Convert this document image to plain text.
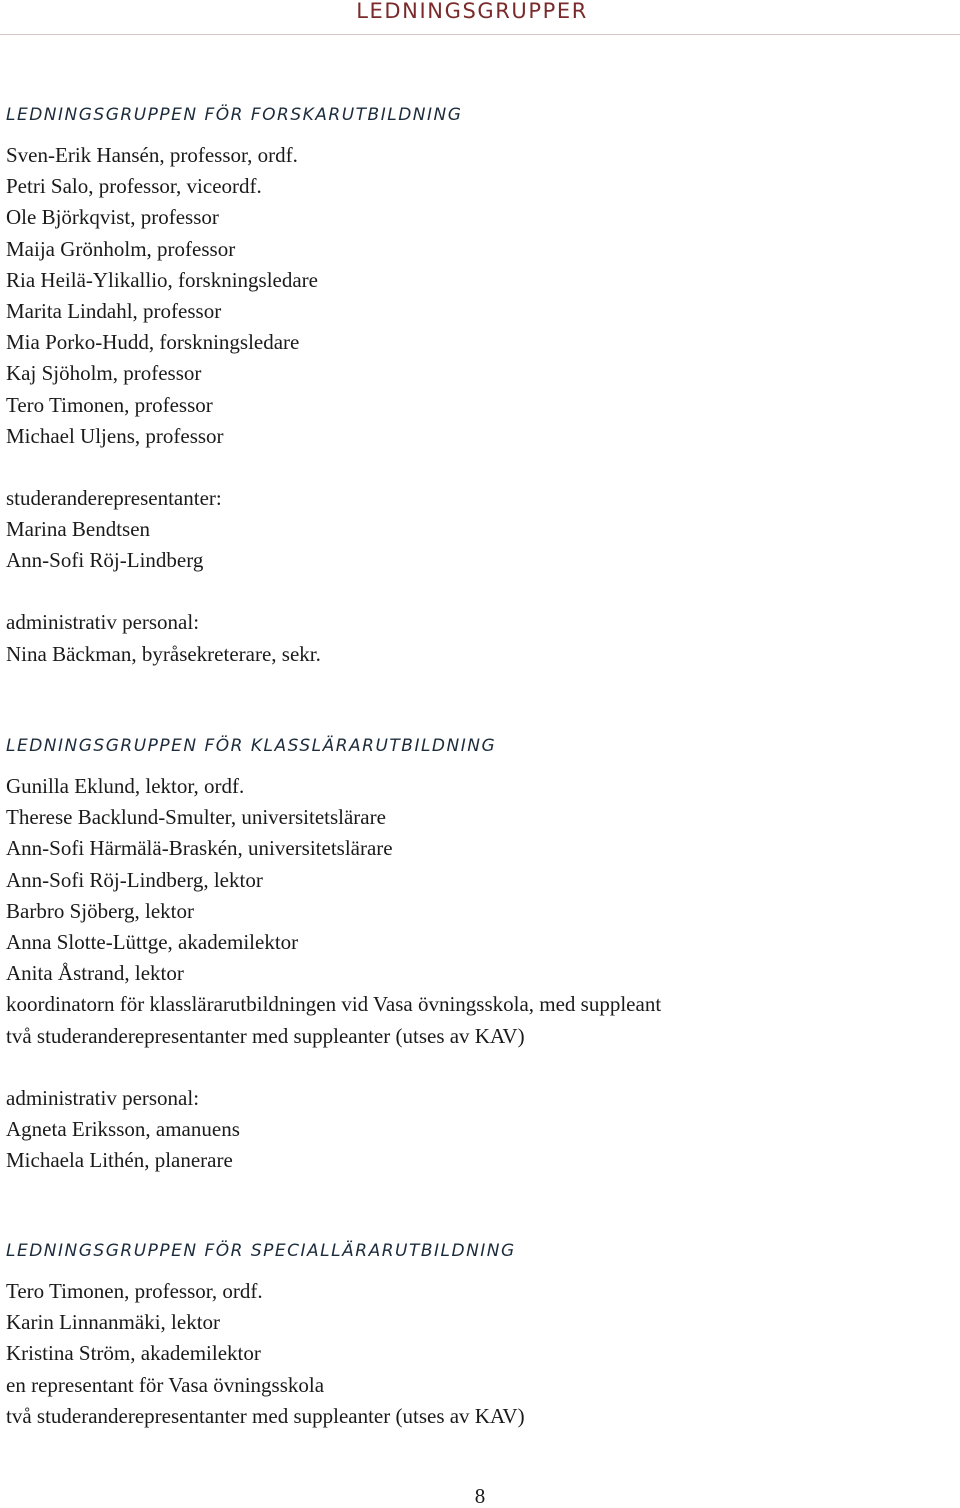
LEDNINGSGRUPPER
LEDNINGSGRUPPEN FÖR FORSKARUTBILDNING
Sven-Erik Hansén, professor, ordf.
Petri Salo, professor, viceordf.
Ole Björkqvist, professor
Maija Grönholm, professor
Ria Heilä-Ylikallio, forskningsledare
Marita Lindahl, professor
Mia Porko-Hudd, forskningsledare
Kaj Sjöholm, professor
Tero Timonen, professor
Michael Uljens, professor
studeranderepresentanter:
Marina Bendtsen
Ann-Sofi Röj-Lindberg
administrativ personal:
Nina Bäckman, byråsekreterare, sekr.
LEDNINGSGRUPPEN FÖR KLASSLÄRARUTBILDNING
Gunilla Eklund, lektor, ordf.
Therese Backlund-Smulter, universitetslärare
Ann-Sofi Härmälä-Braskén, universitetslärare
Ann-Sofi Röj-Lindberg, lektor
Barbro Sjöberg, lektor
Anna Slotte-Lüttge, akademilektor
Anita Åstrand, lektor
koordinatorn för klasslärarutbildningen vid Vasa övningsskola, med suppleant
två studeranderepresentanter med suppleanter (utses av KAV)
administrativ personal:
Agneta Eriksson, amanuens
Michaela Lithén, planerare
LEDNINGSGRUPPEN FÖR SPECIALLÄRARUTBILDNING
Tero Timonen, professor, ordf.
Karin Linnanmäki, lektor
Kristina Ström, akademilektor
en representant för Vasa övningsskola
två studeranderepresentanter med suppleanter (utses av KAV)
8
